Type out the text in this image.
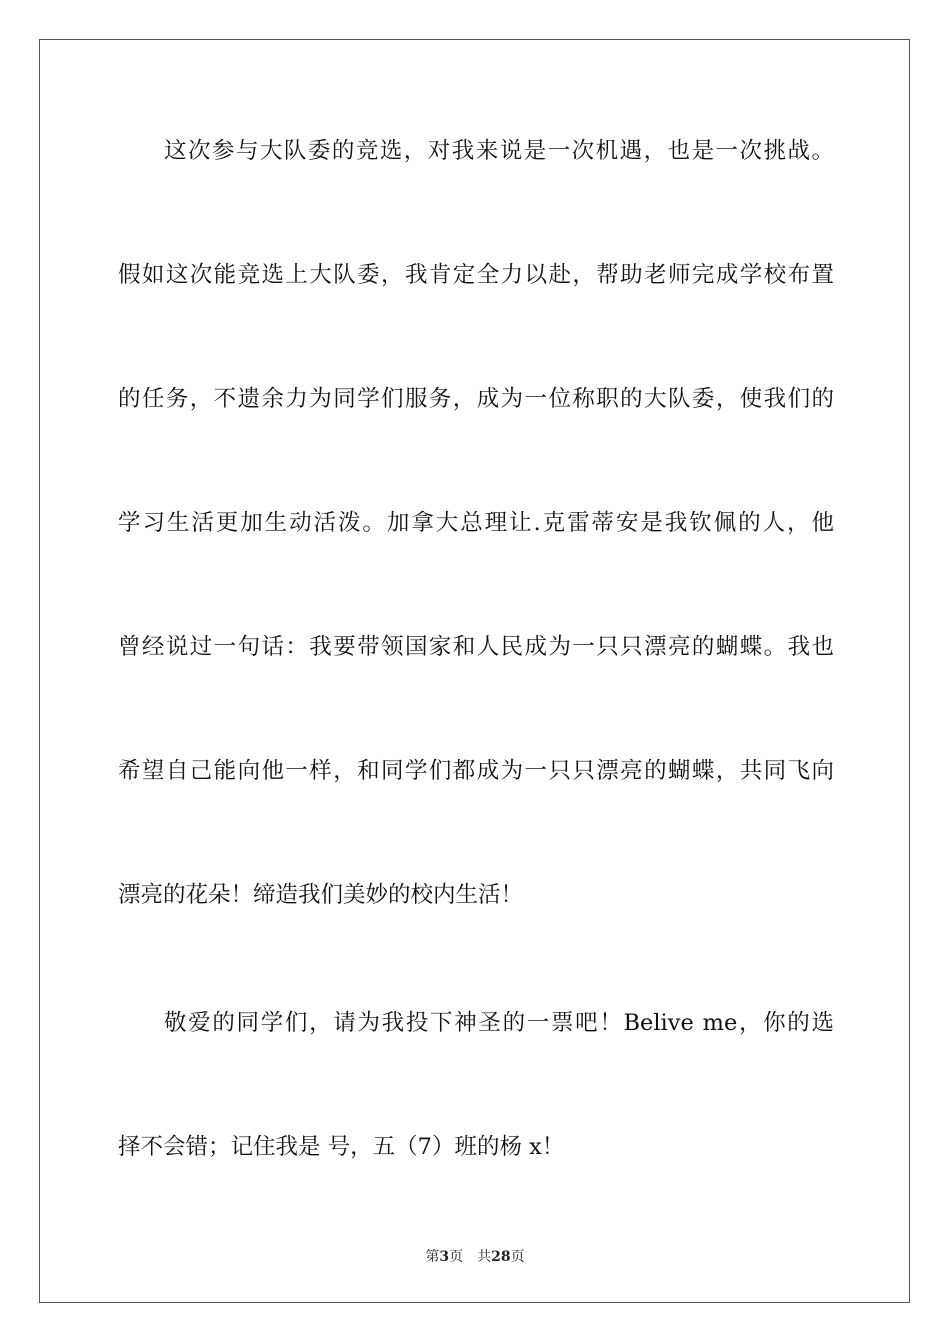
这次参与大队委的竞选，对我来说是一次机遇，也是一次挑战。
假如这次能竞选上大队委，我肯定全力以赴，帮助老师完成学校布置
的任务，不遗余力为同学们服务，成为一位称职的大队委，使我们的
学习生活更加生动活泼。加拿大总理让.克雷蒂安是我钦佩的人，他
曾经说过一句话：我要带领国家和人民成为一只只漂亮的蝴蝶。我也
希望自己能向他一样，和同学们都成为一只只漂亮的蝴蝶，共同飞向
漂亮的花朵！缔造我们美妙的校内生活！
敬爱的同学们，请为我投下神圣的一票吧！Belive me，你的选
择不会错；记住我是 号，五（7）班的杨 x！
第3页 共28页
